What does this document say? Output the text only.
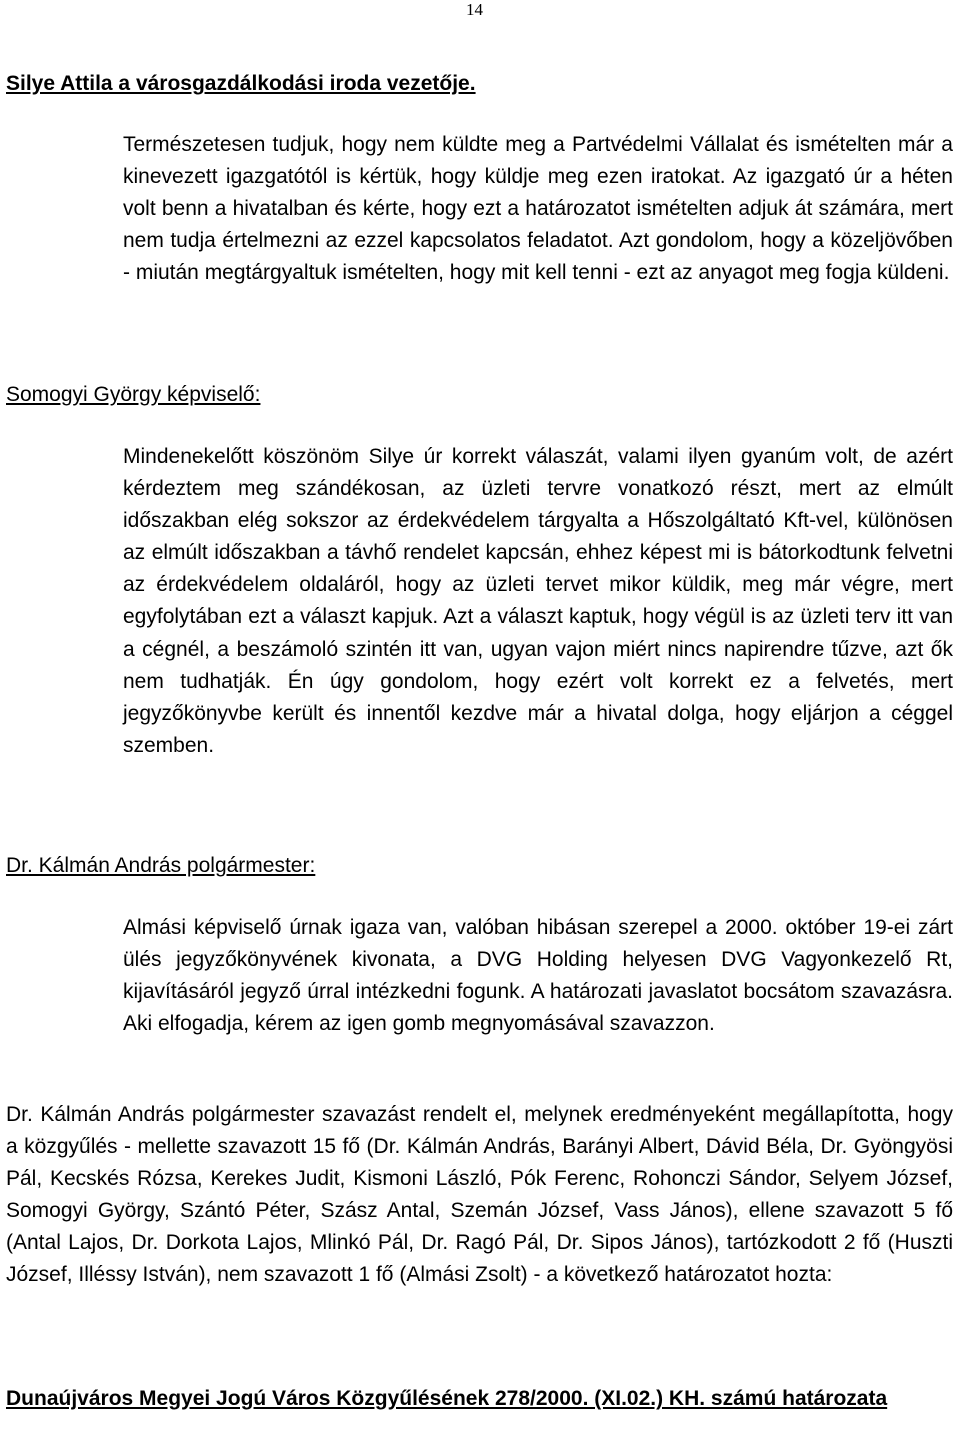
14
Silye Attila a városgazdálkodási iroda vezetője.
Természetesen tudjuk, hogy nem küldte meg a Partvédelmi Vállalat és ismételten már a kinevezett igazgatótól is kértük, hogy küldje meg ezen iratokat. Az igazgató úr a héten volt benn a hivatalban és kérte, hogy ezt a határozatot ismételten adjuk át számára, mert nem tudja értelmezni az ezzel kapcsolatos feladatot. Azt gondolom, hogy a közeljövőben - miután megtárgyaltuk ismételten, hogy mit kell tenni - ezt az anyagot meg fogja küldeni.
Somogyi György képviselő:
Mindenekelőtt köszönöm Silye úr korrekt válaszát, valami ilyen gyanúm volt, de azért kérdeztem meg szándékosan, az üzleti tervre vonatkozó részt, mert az elmúlt időszakban elég sokszor az érdekvédelem tárgyalta a Hőszolgáltató Kft-vel, különösen az elmúlt időszakban a távhő rendelet kapcsán, ehhez képest mi is bátorkodtunk felvetni az érdekvédelem oldaláról, hogy az üzleti tervet mikor küldik, meg már végre, mert egyfolytában ezt a választ kapjuk. Azt a választ kaptuk, hogy végül is az üzleti terv itt van a cégnél, a beszámoló szintén itt van, ugyan vajon miért nincs napirendre tűzve, azt ők nem tudhatják. Én úgy gondolom, hogy ezért volt korrekt ez a felvetés, mert jegyzőkönyvbe került és innentől kezdve már a hivatal dolga, hogy eljárjon a céggel szemben.
Dr. Kálmán András polgármester:
Almási képviselő úrnak igaza van, valóban hibásan szerepel a 2000. október 19-ei zárt ülés jegyzőkönyvének kivonata, a DVG Holding helyesen DVG Vagyonkezelő Rt, kijavításáról jegyző úrral intézkedni fogunk. A határozati javaslatot bocsátom szavazásra. Aki elfogadja, kérem az igen gomb megnyomásával szavazzon.
Dr. Kálmán András polgármester szavazást rendelt el, melynek eredményeként megállapította, hogy a közgyűlés - mellette szavazott 15 fő (Dr. Kálmán András, Barányi Albert, Dávid Béla, Dr. Gyöngyösi Pál, Kecskés Rózsa, Kerekes Judit, Kismoni László, Pók Ferenc, Rohonczi Sándor, Selyem József, Somogyi György, Szántó Péter, Szász Antal, Szemán József, Vass János), ellene szavazott 5 fő (Antal Lajos, Dr. Dorkota Lajos, Mlinkó Pál, Dr. Ragó Pál, Dr. Sipos János), tartózkodott 2 fő (Huszti József, Illéssy István), nem szavazott 1 fő (Almási Zsolt) - a következő határozatot hozta:
Dunaújváros Megyei Jogú Város Közgyűlésének 278/2000. (XI.02.) KH. számú határozata
